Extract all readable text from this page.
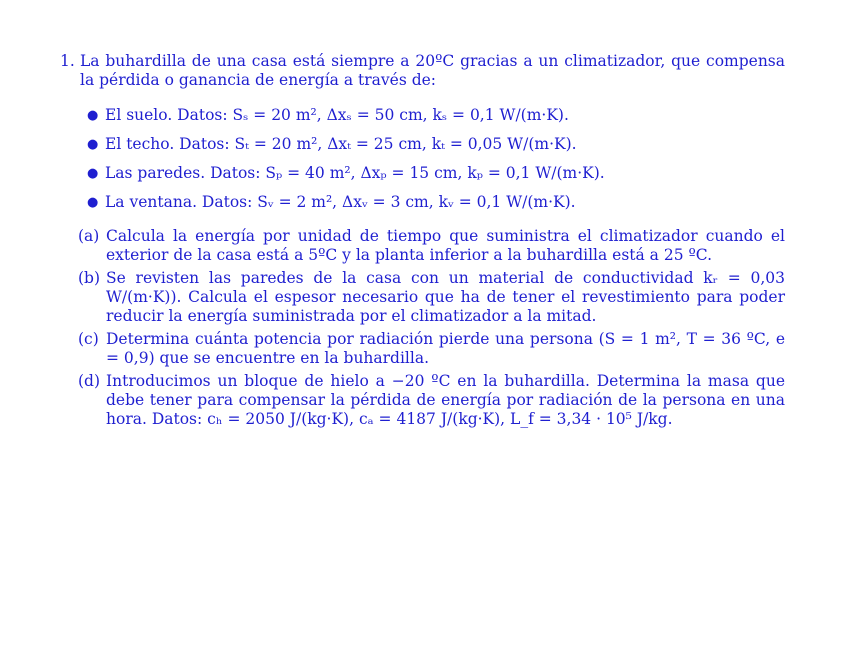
1. La buhardilla de una casa está siempre a 20ºC gracias a un climatizador, que compensa la pérdida o ganancia de energía a través de:
● El suelo. Datos: Sₛ = 20 m², Δxₛ = 50 cm, kₛ = 0,1 W/(m·K).
● El techo. Datos: Sₜ = 20 m², Δxₜ = 25 cm, kₜ = 0,05 W/(m·K).
● Las paredes. Datos: Sₚ = 40 m², Δxₚ = 15 cm, kₚ = 0,1 W/(m·K).
● La ventana. Datos: Sᵥ = 2 m², Δxᵥ = 3 cm, kᵥ = 0,1 W/(m·K).
(a) Calcula la energía por unidad de tiempo que suministra el climatizador cuando el exterior de la casa está a 5ºC y la planta inferior a la buhardilla está a 25 ºC.
(b) Se revisten las paredes de la casa con un material de conductividad kᵣ = 0,03 W/(m·K)). Calcula el espesor necesario que ha de tener el revestimiento para poder reducir la energía suministrada por el climatizador a la mitad.
(c) Determina cuánta potencia por radiación pierde una persona (S = 1 m², T = 36 ºC, e = 0,9) que se encuentre en la buhardilla.
(d) Introducimos un bloque de hielo a −20 ºC en la buhardilla. Determina la masa que debe tener para compensar la pérdida de energía por radiación de la persona en una hora. Datos: cₕ = 2050 J/(kg·K), cₐ = 4187 J/(kg·K), L_f = 3,34 · 10⁵ J/kg.
